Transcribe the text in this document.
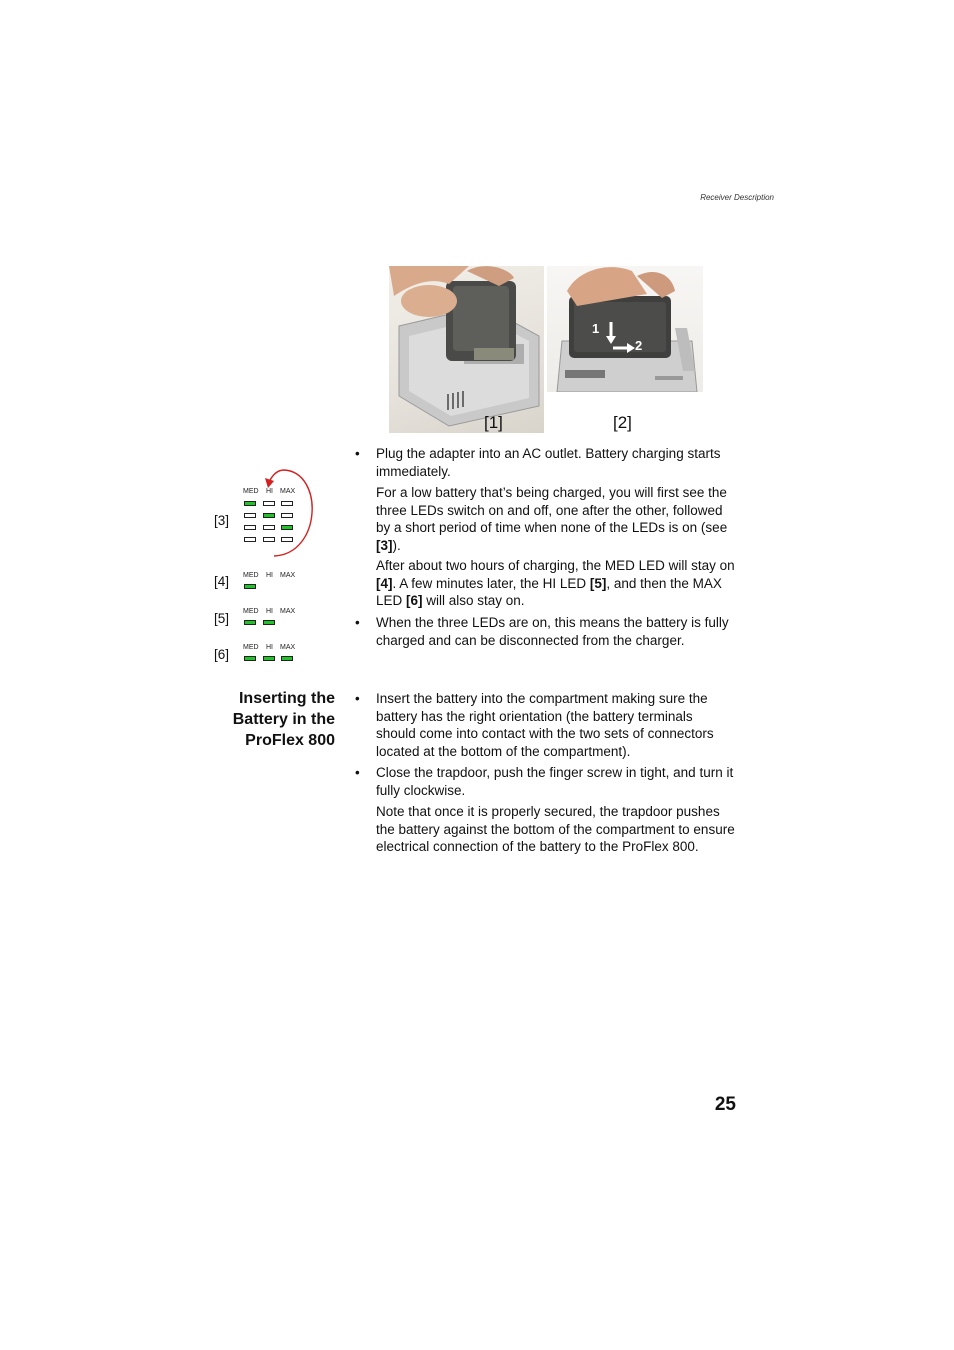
Receiver Description
1
2
[1]	[2]
MED HI MAX
[3]
[4] MED HI MAX
[5] MED HI MAX
[6] MED HI MAX
• Plug the adapter into an AC outlet. Battery charging starts immediately.
For a low battery that’s being charged, you will first see the three LEDs switch on and off, one after the other, followed by a short period of time when none of the LEDs is on (see [3]).
After about two hours of charging, the MED LED will stay on [4]. A few minutes later, the HI LED [5], and then the MAX LED [6] will also stay on.
• When the three LEDs are on, this means the battery is fully charged and can be disconnected from the charger.
Inserting the
Battery in the
ProFlex 800
• Insert the battery into the compartment making sure the battery has the right orientation (the battery terminals should come into contact with the two sets of connectors located at the bottom of the compartment).
• Close the trapdoor, push the finger screw in tight, and turn it fully clockwise.
Note that once it is properly secured, the trapdoor pushes the battery against the bottom of the compartment to ensure electrical connection of the battery to the ProFlex 800.
25
